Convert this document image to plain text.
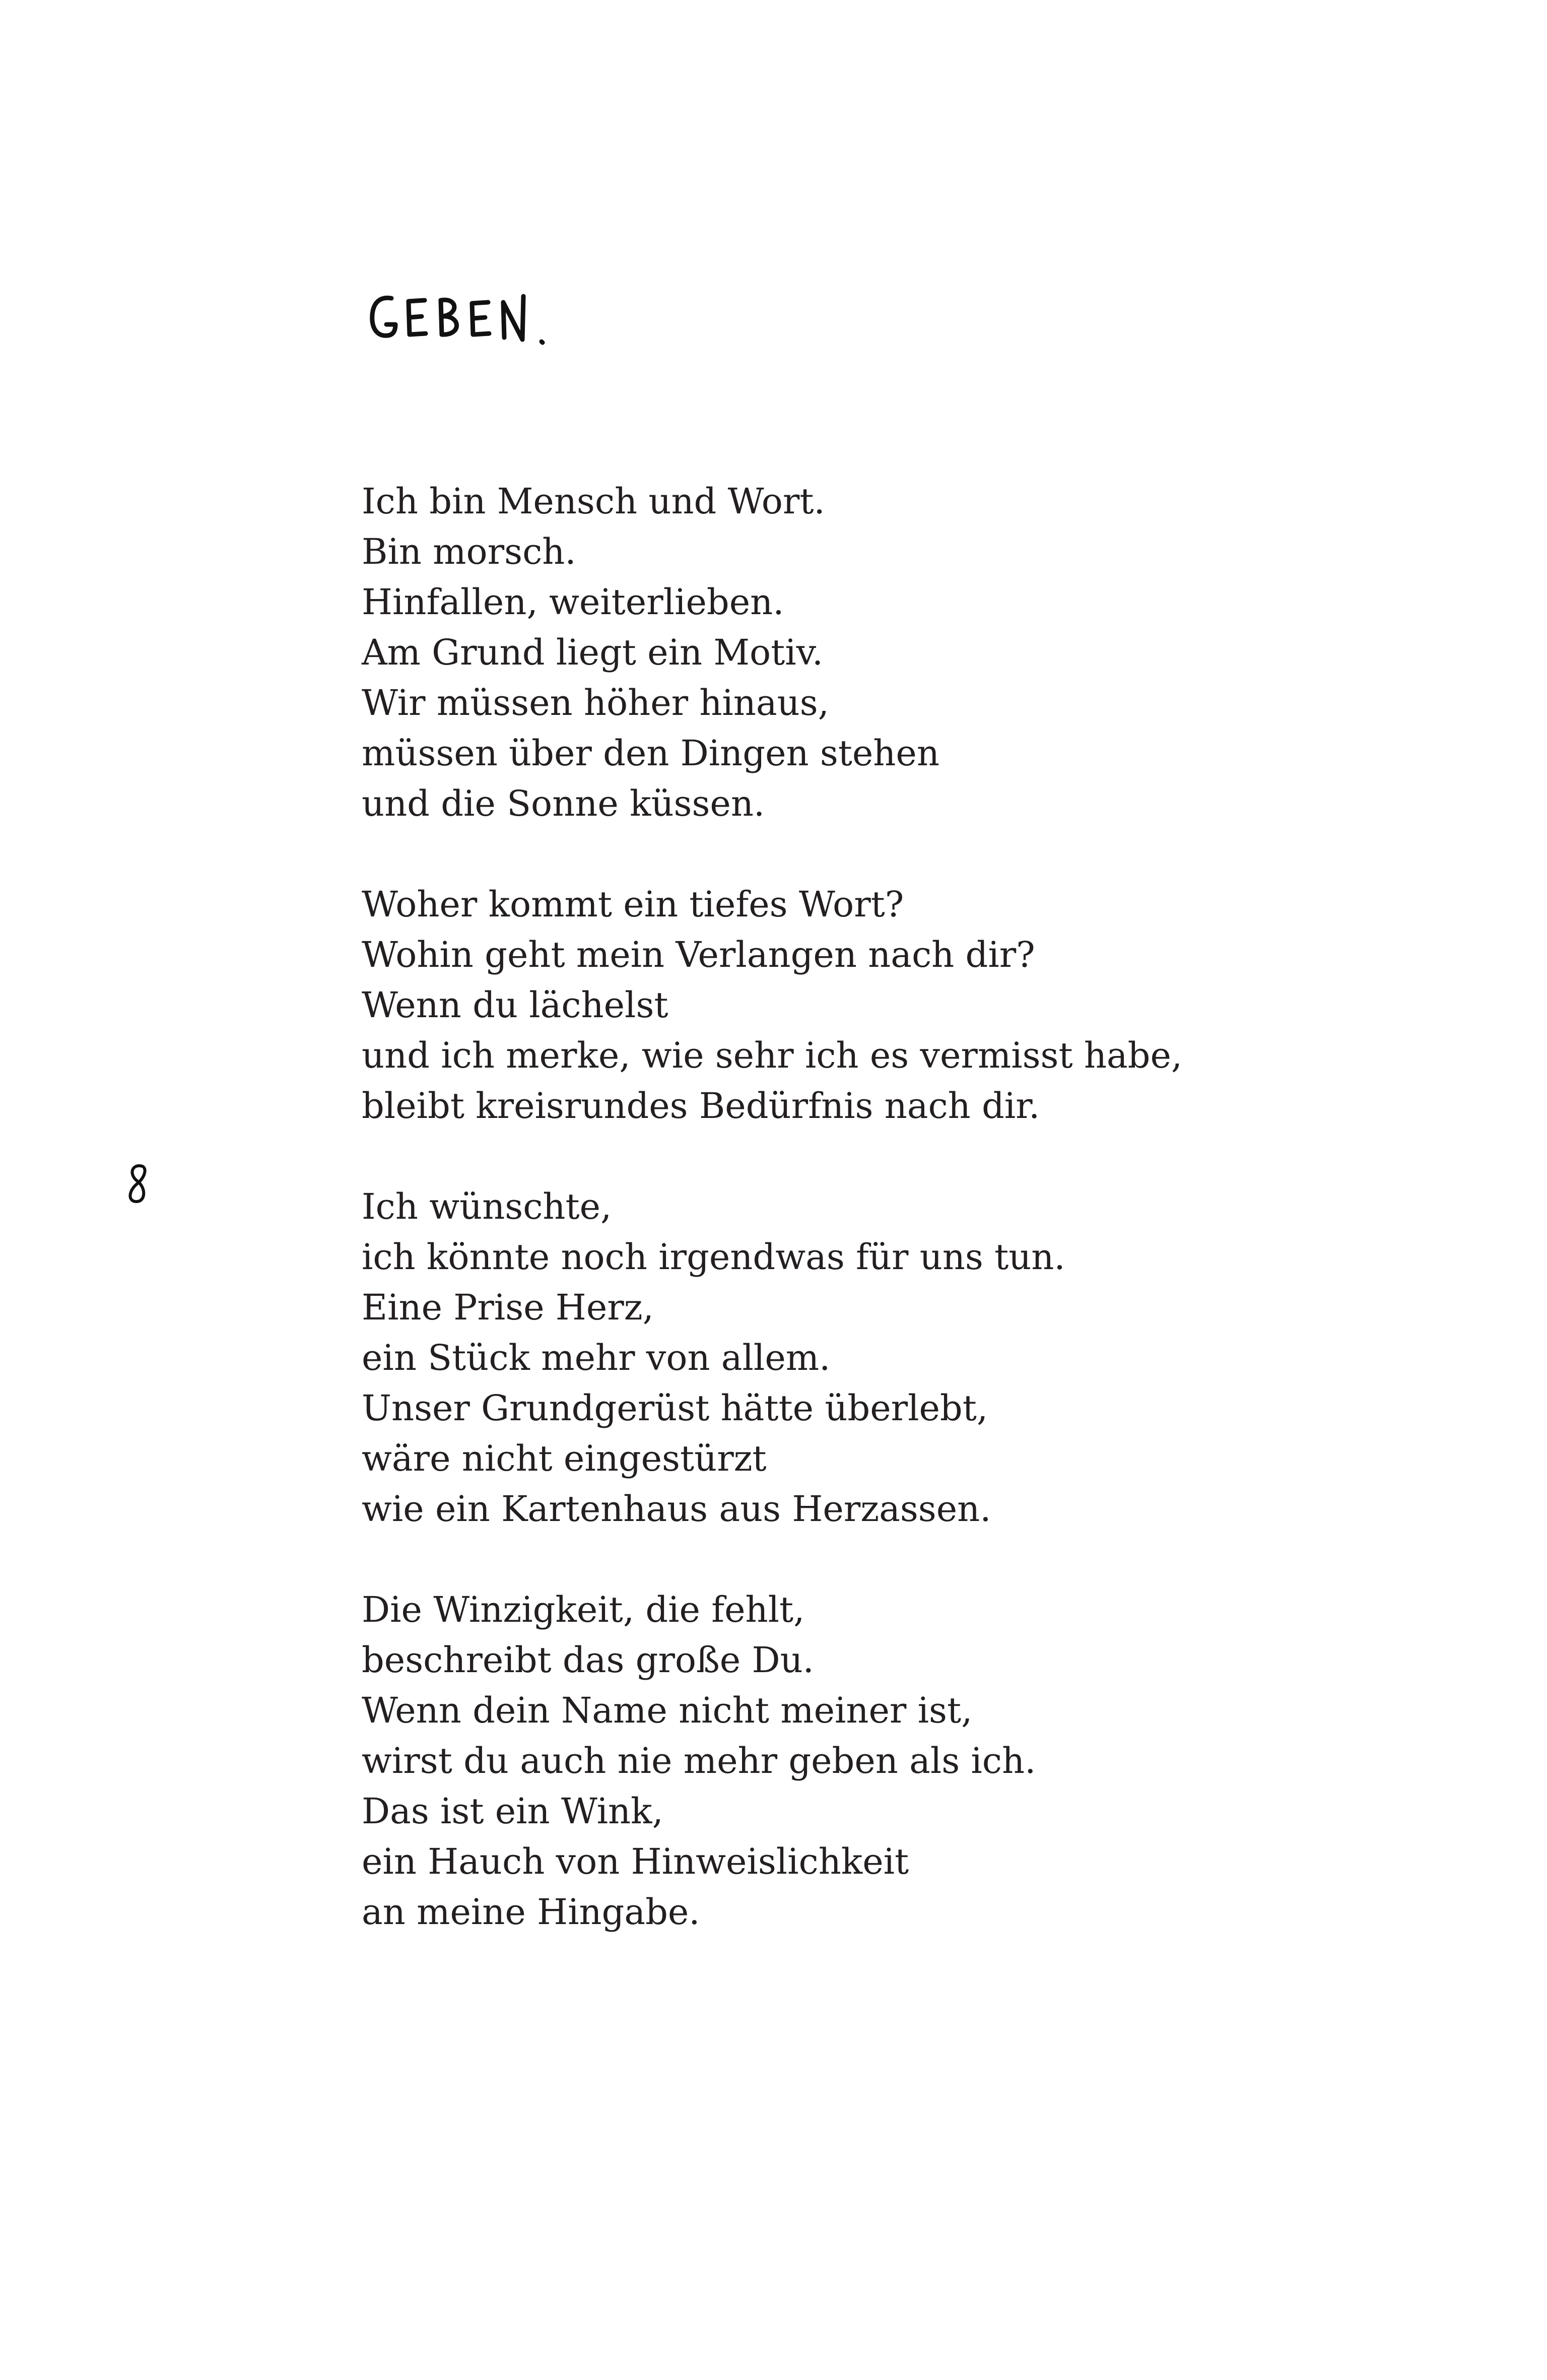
Ich bin Mensch und Wort.
Bin morsch.
Hinfallen, weiterlieben.
Am Grund liegt ein Motiv.
Wir müssen höher hinaus,
müssen über den Dingen stehen
und die Sonne küssen.
Woher kommt ein tiefes Wort?
Wohin geht mein Verlangen nach dir?
Wenn du lächelst
und ich merke, wie sehr ich es vermisst habe,
bleibt kreisrundes Bedürfnis nach dir.
Ich wünschte,
ich könnte noch irgendwas für uns tun.
Eine Prise Herz,
ein Stück mehr von allem.
Unser Grundgerüst hätte überlebt,
wäre nicht eingestürzt
wie ein Kartenhaus aus Herzassen.
Die Winzigkeit, die fehlt,
beschreibt das große Du.
Wenn dein Name nicht meiner ist,
wirst du auch nie mehr geben als ich.
Das ist ein Wink,
ein Hauch von Hinweislichkeit
an meine Hingabe.
